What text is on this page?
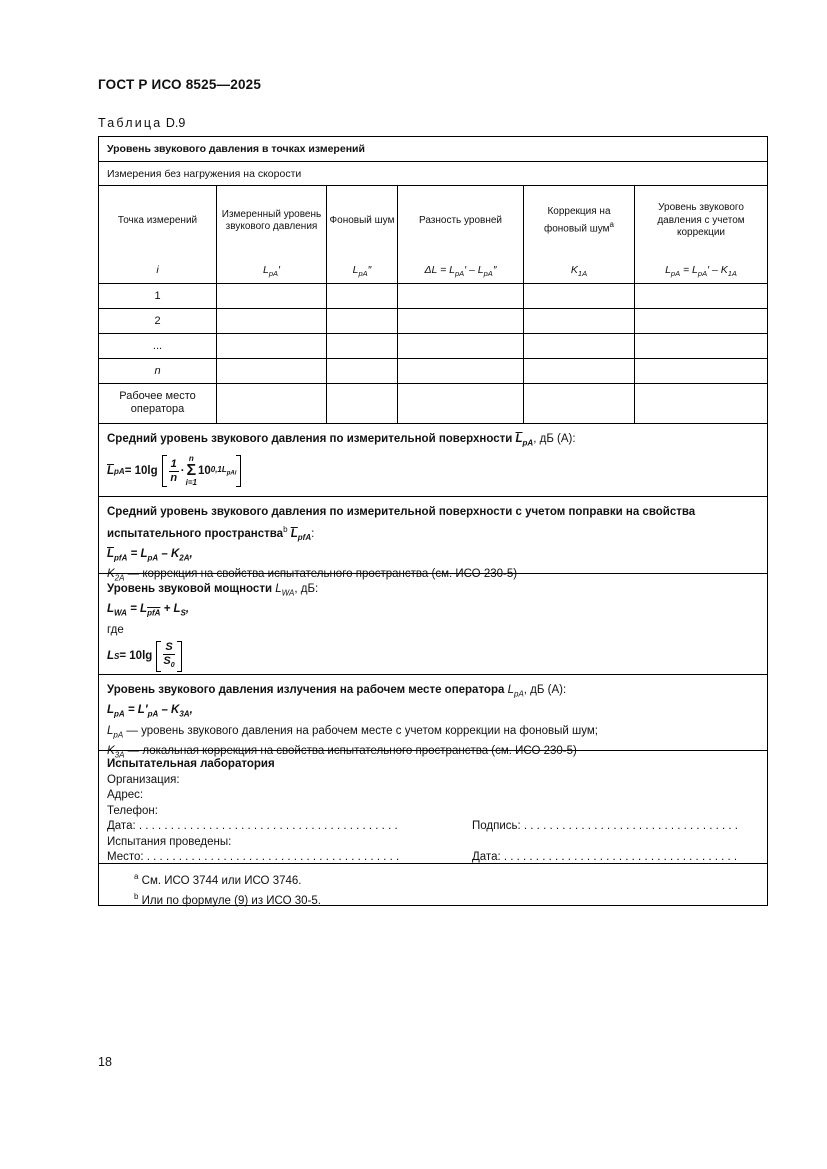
ГОСТ Р ИСО 8525—2025
Таблица D.9
Уровень звукового давления в точках измерений
Измерения без нагружения на скорости
Точка измерений
i
Измеренный уровень звукового давления
$L_{pA}'$
Фоновый шум
$L_{pA}''$
Разность уровней
$\Delta L = L_{pA}' - L_{pA}''$
Коррекция на фоновый шум$^a$
$K_{1A}$
Уровень звукового давления с учетом коррекции
$L_{pA} = L_{pA}' - K_{1A}$
1
2
...
n
Рабочее место оператора
Средний уровень звукового давления по измерительной поверхности $\overline{L}_{pA}$, дБ (А):
$\overline{L}$ pA = $10\lg \frac{1}{n}$ ·
n
Σ
i=1
10 $0,1L_{pAi}$
Средний уровень звукового давления по измерительной поверхности с учетом поправки на свойства испытательного пространства$^b$ $\overline{L}_{pfA}$:
$\overline{L}_{pfA} = L_{pA} - K_{2A}$,
$K_{2A}$ — коррекция на свойства испытательного пространства (см. ИСО 230-5)
Уровень звуковой мощности $L_{WA}$, дБ:
$L_{WA} = L_{\overline{pfA}} + L_S$,
где
L $S = 10\lg \frac{S}{S_0}$
Уровень звукового давления излучения на рабочем месте оператора $L_{pA}$, дБ (А):
$L_{pA} = L'_{pA} - K_{3A}$,
$L_{pA}$ — уровень звукового давления на рабочем месте с учетом коррекции на фоновый шум;
$K_{3A}$ — локальная коррекция на свойства испытательного пространства (см. ИСО 230-5)
Испытательная лаборатория
Организация:
Адрес:
Телефон:
Дата: . . . . . . . . . . . . . . . . . . . . . . . . . . . . . . . . . . . . . . . . .	Подпись: . . . . . . . . . . . . . . . . . . . . . . . . . . . . . . . . . .
Испытания проведены:
Место: . . . . . . . . . . . . . . . . . . . . . . . . . . . . . . . . . . . . . . . .	Дата: . . . . . . . . . . . . . . . . . . . . . . . . . . . . . . . . . . . . .
$^a$ См. ИСО 3744 или ИСО 3746.
$^b$ Или по формуле (9) из ИСО 30-5.
18
